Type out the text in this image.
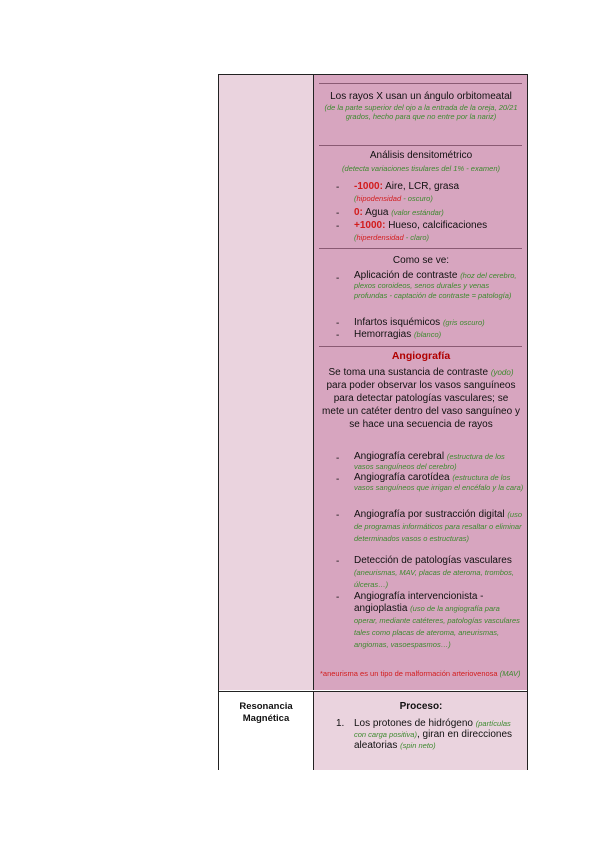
Los rayos X usan un ángulo orbitomeatal
(de la parte superior del ojo a la entrada de la oreja, 20/21 grados, hecho para que no entre por la nariz)
Análisis densitométrico
(detecta variaciones tisulares del 1% - examen)
- -1000: Aire, LCR, grasa
(hipodensidad - oscuro)
- 0: Agua (valor estándar)
- +1000: Hueso, calcificaciones
(hiperdensidad - claro)
Como se ve:
- Aplicación de contraste (hoz del cerebro, plexos coroideos, senos durales y venas profundas - captación de contraste = patología)
- Infartos isquémicos (gris oscuro)
- Hemorragias (blanco)
Angiografía
Se toma una sustancia de contraste (yodo) para poder observar los vasos sanguíneos para detectar patologías vasculares; se mete un catéter dentro del vaso sanguíneo y se hace una secuencia de rayos
- Angiografía cerebral (estructura de los vasos sanguíneos del cerebro)
- Angiografía carotídea (estructura de los vasos sanguíneos que irrigan el encéfalo y la cara)
- Angiografía por sustracción digital (uso de programas informáticos para resaltar o eliminar determinados vasos o estructuras)
- Detección de patologías vasculares (aneurismas, MAV, placas de ateroma, trombos, úlceras…)
- Angiografía intervencionista - angioplastia (uso de la angiografía para operar, mediante catéteres, patologías vasculares tales como placas de ateroma, aneurismas, angiomas, vasoespasmos…)
*aneurisma es un tipo de malformación arteriovenosa (MAV)
Resonancia Magnética
Proceso:
1. Los protones de hidrógeno (partículas con carga positiva), giran en direcciones aleatorias (spin neto)
